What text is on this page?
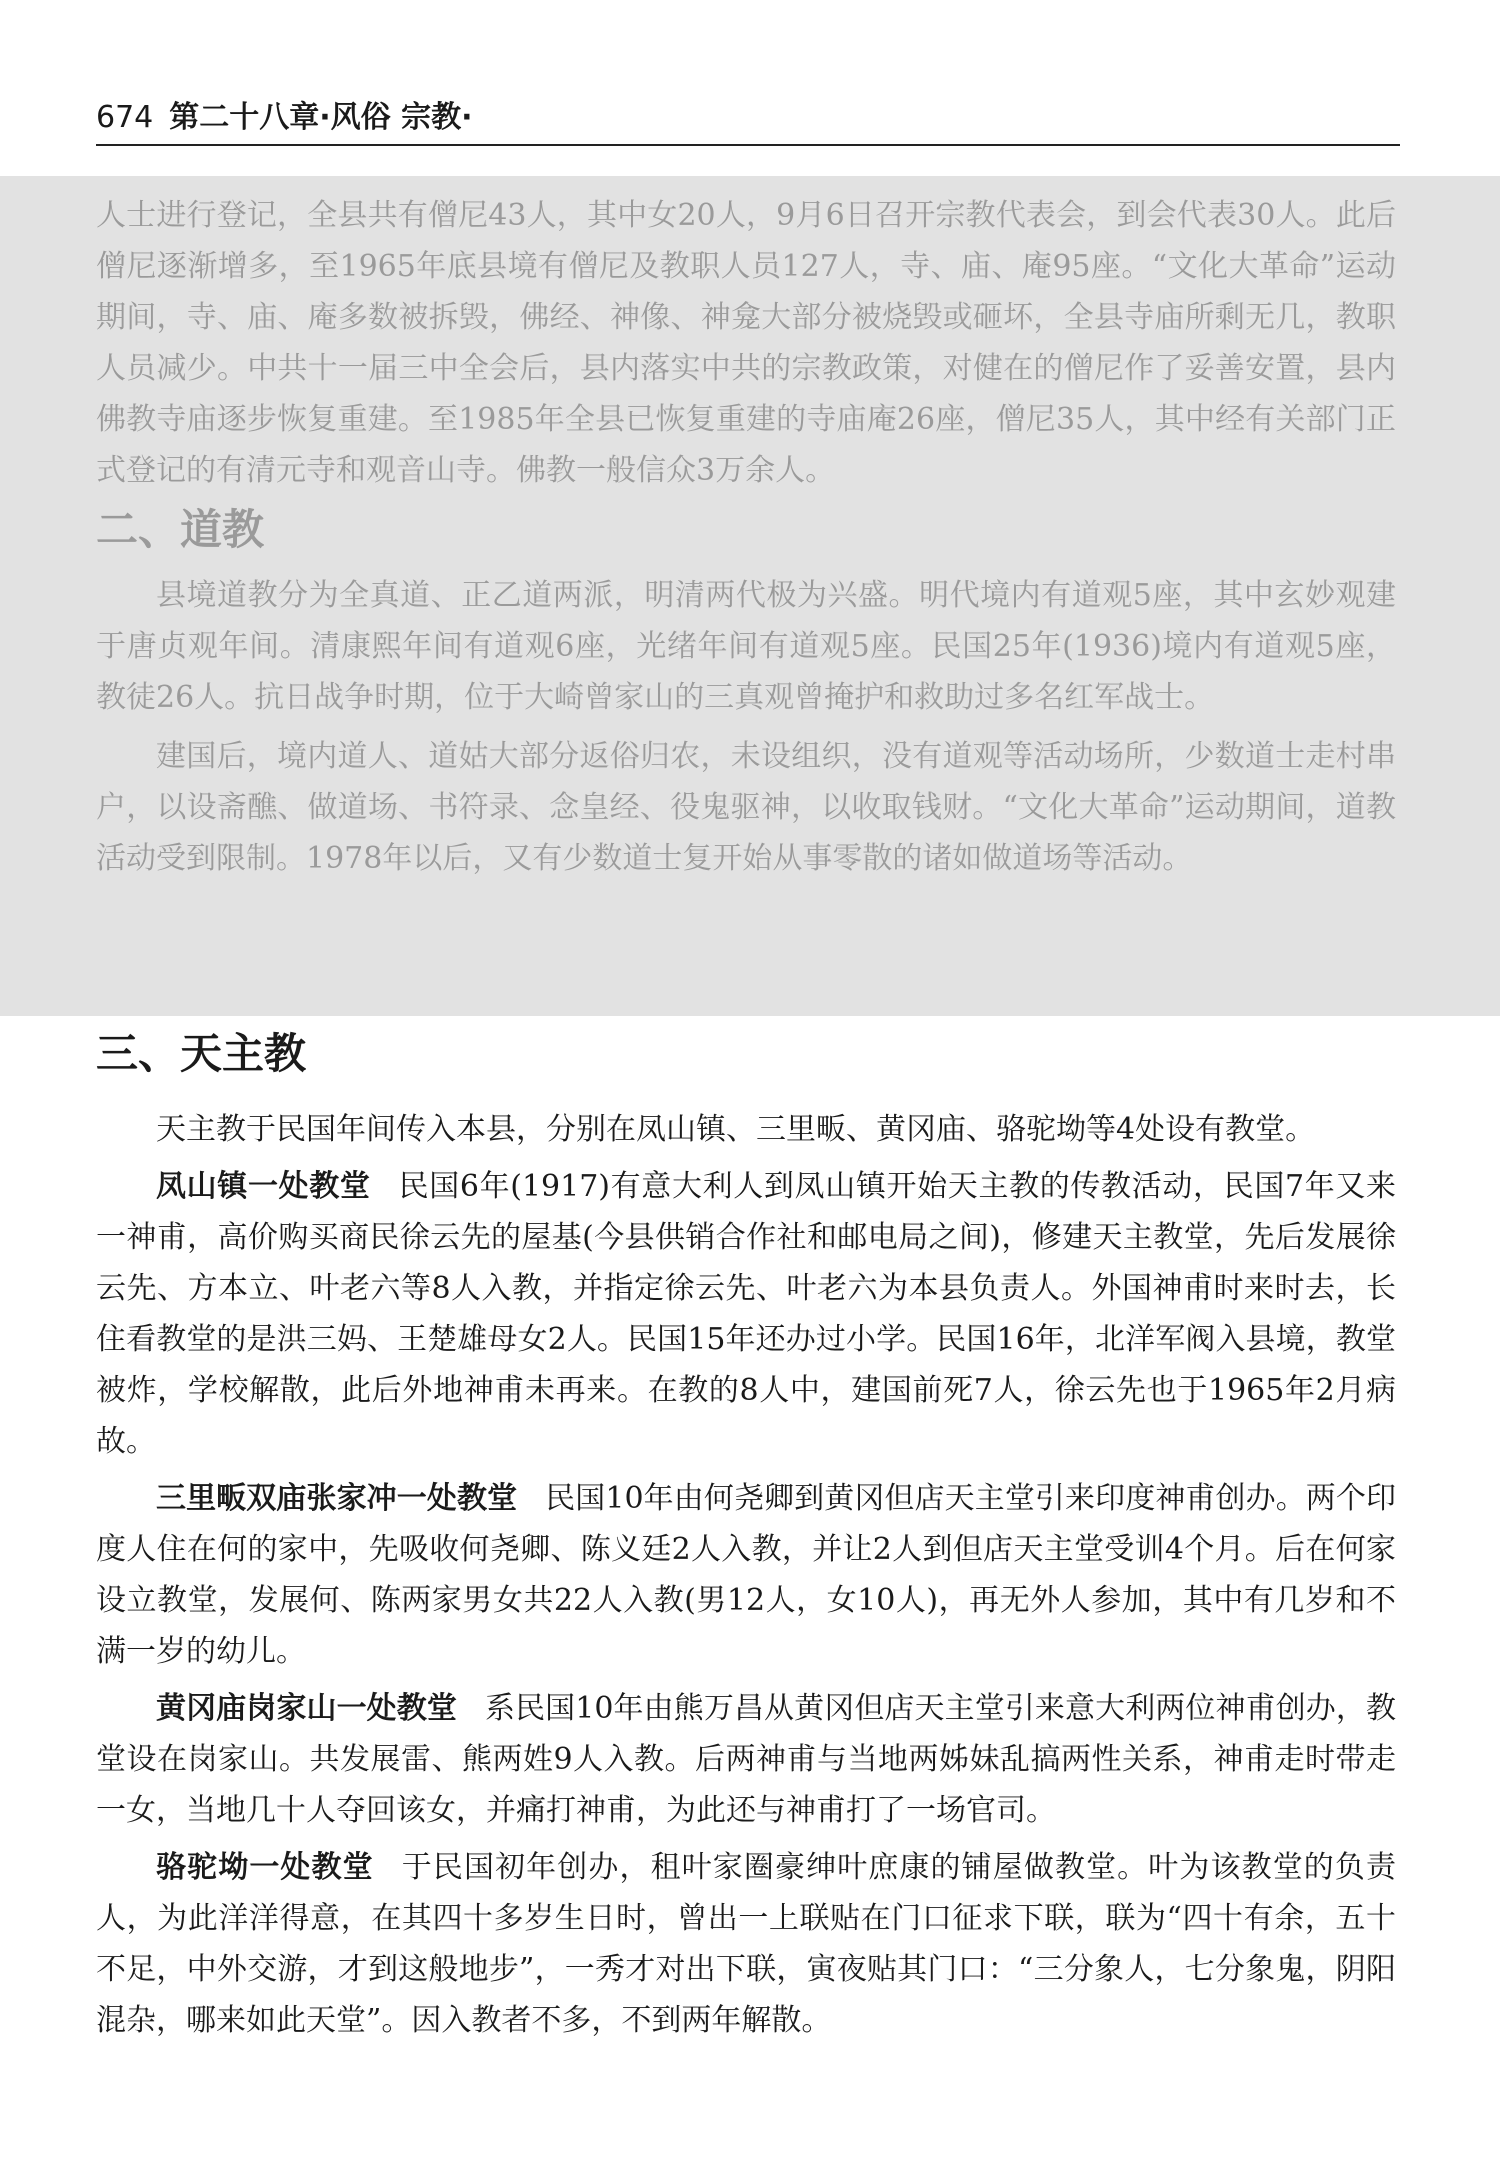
674 第二十八章·风俗 宗教·

人士进行登记，全县共有僧尼43人，其中女20人，9月6日召开宗教代表会，到会代表30人。此后僧尼逐渐增多，至1965年底县境有僧尼及教职人员127人，寺、庙、庵95座。“文化大革命”运动期间，寺、庙、庵多数被拆毁，佛经、神像、神龛大部分被烧毁或砸坏，全县寺庙所剩无几，教职人员减少。中共十一届三中全会后，县内落实中共的宗教政策，对健在的僧尼作了妥善安置，县内佛教寺庙逐步恢复重建。至1985年全县已恢复重建的寺庙庵26座，僧尼35人，其中经有关部门正式登记的有清元寺和观音山寺。佛教一般信众3万余人。

二、道教

县境道教分为全真道、正乙道两派，明清两代极为兴盛。明代境内有道观5座，其中玄妙观建于唐贞观年间。清康熙年间有道观6座，光绪年间有道观5座。民国25年(1936)境内有道观5座，教徒26人。抗日战争时期，位于大崎曾家山的三真观曾掩护和救助过多名红军战士。

建国后，境内道人、道姑大部分返俗归农，未设组织，没有道观等活动场所，少数道士走村串户，以设斋醮、做道场、书符录、念皇经、役鬼驱神，以收取钱财。“文化大革命”运动期间，道教活动受到限制。1978年以后，又有少数道士复开始从事零散的诸如做道场等活动。

三、天主教

天主教于民国年间传入本县，分别在凤山镇、三里畈、黄冈庙、骆驼坳等4处设有教堂。

凤山镇一处教堂 民国6年(1917)有意大利人到凤山镇开始天主教的传教活动，民国7年又来一神甫，高价购买商民徐云先的屋基(今县供销合作社和邮电局之间)，修建天主教堂，先后发展徐云先、方本立、叶老六等8人入教，并指定徐云先、叶老六为本县负责人。外国神甫时来时去，长住看教堂的是洪三妈、王楚雄母女2人。民国15年还办过小学。民国16年，北洋军阀入县境，教堂被炸，学校解散，此后外地神甫未再来。在教的8人中，建国前死7人，徐云先也于1965年2月病故。

三里畈双庙张家冲一处教堂 民国10年由何尧卿到黄冈但店天主堂引来印度神甫创办。两个印度人住在何的家中，先吸收何尧卿、陈义廷2人入教，并让2人到但店天主堂受训4个月。后在何家设立教堂，发展何、陈两家男女共22人入教(男12人，女10人)，再无外人参加，其中有几岁和不满一岁的幼儿。

黄冈庙岗家山一处教堂 系民国10年由熊万昌从黄冈但店天主堂引来意大利两位神甫创办，教堂设在岗家山。共发展雷、熊两姓9人入教。后两神甫与当地两姊妹乱搞两性关系，神甫走时带走一女，当地几十人夺回该女，并痛打神甫，为此还与神甫打了一场官司。

骆驼坳一处教堂 于民国初年创办，租叶家圈豪绅叶庶康的铺屋做教堂。叶为该教堂的负责人，为此洋洋得意，在其四十多岁生日时，曾出一上联贴在门口征求下联，联为“四十有余，五十不足，中外交游，才到这般地步”，一秀才对出下联，寅夜贴其门口：“三分象人，七分象鬼，阴阳混杂，哪来如此天堂”。因入教者不多，不到两年解散。
